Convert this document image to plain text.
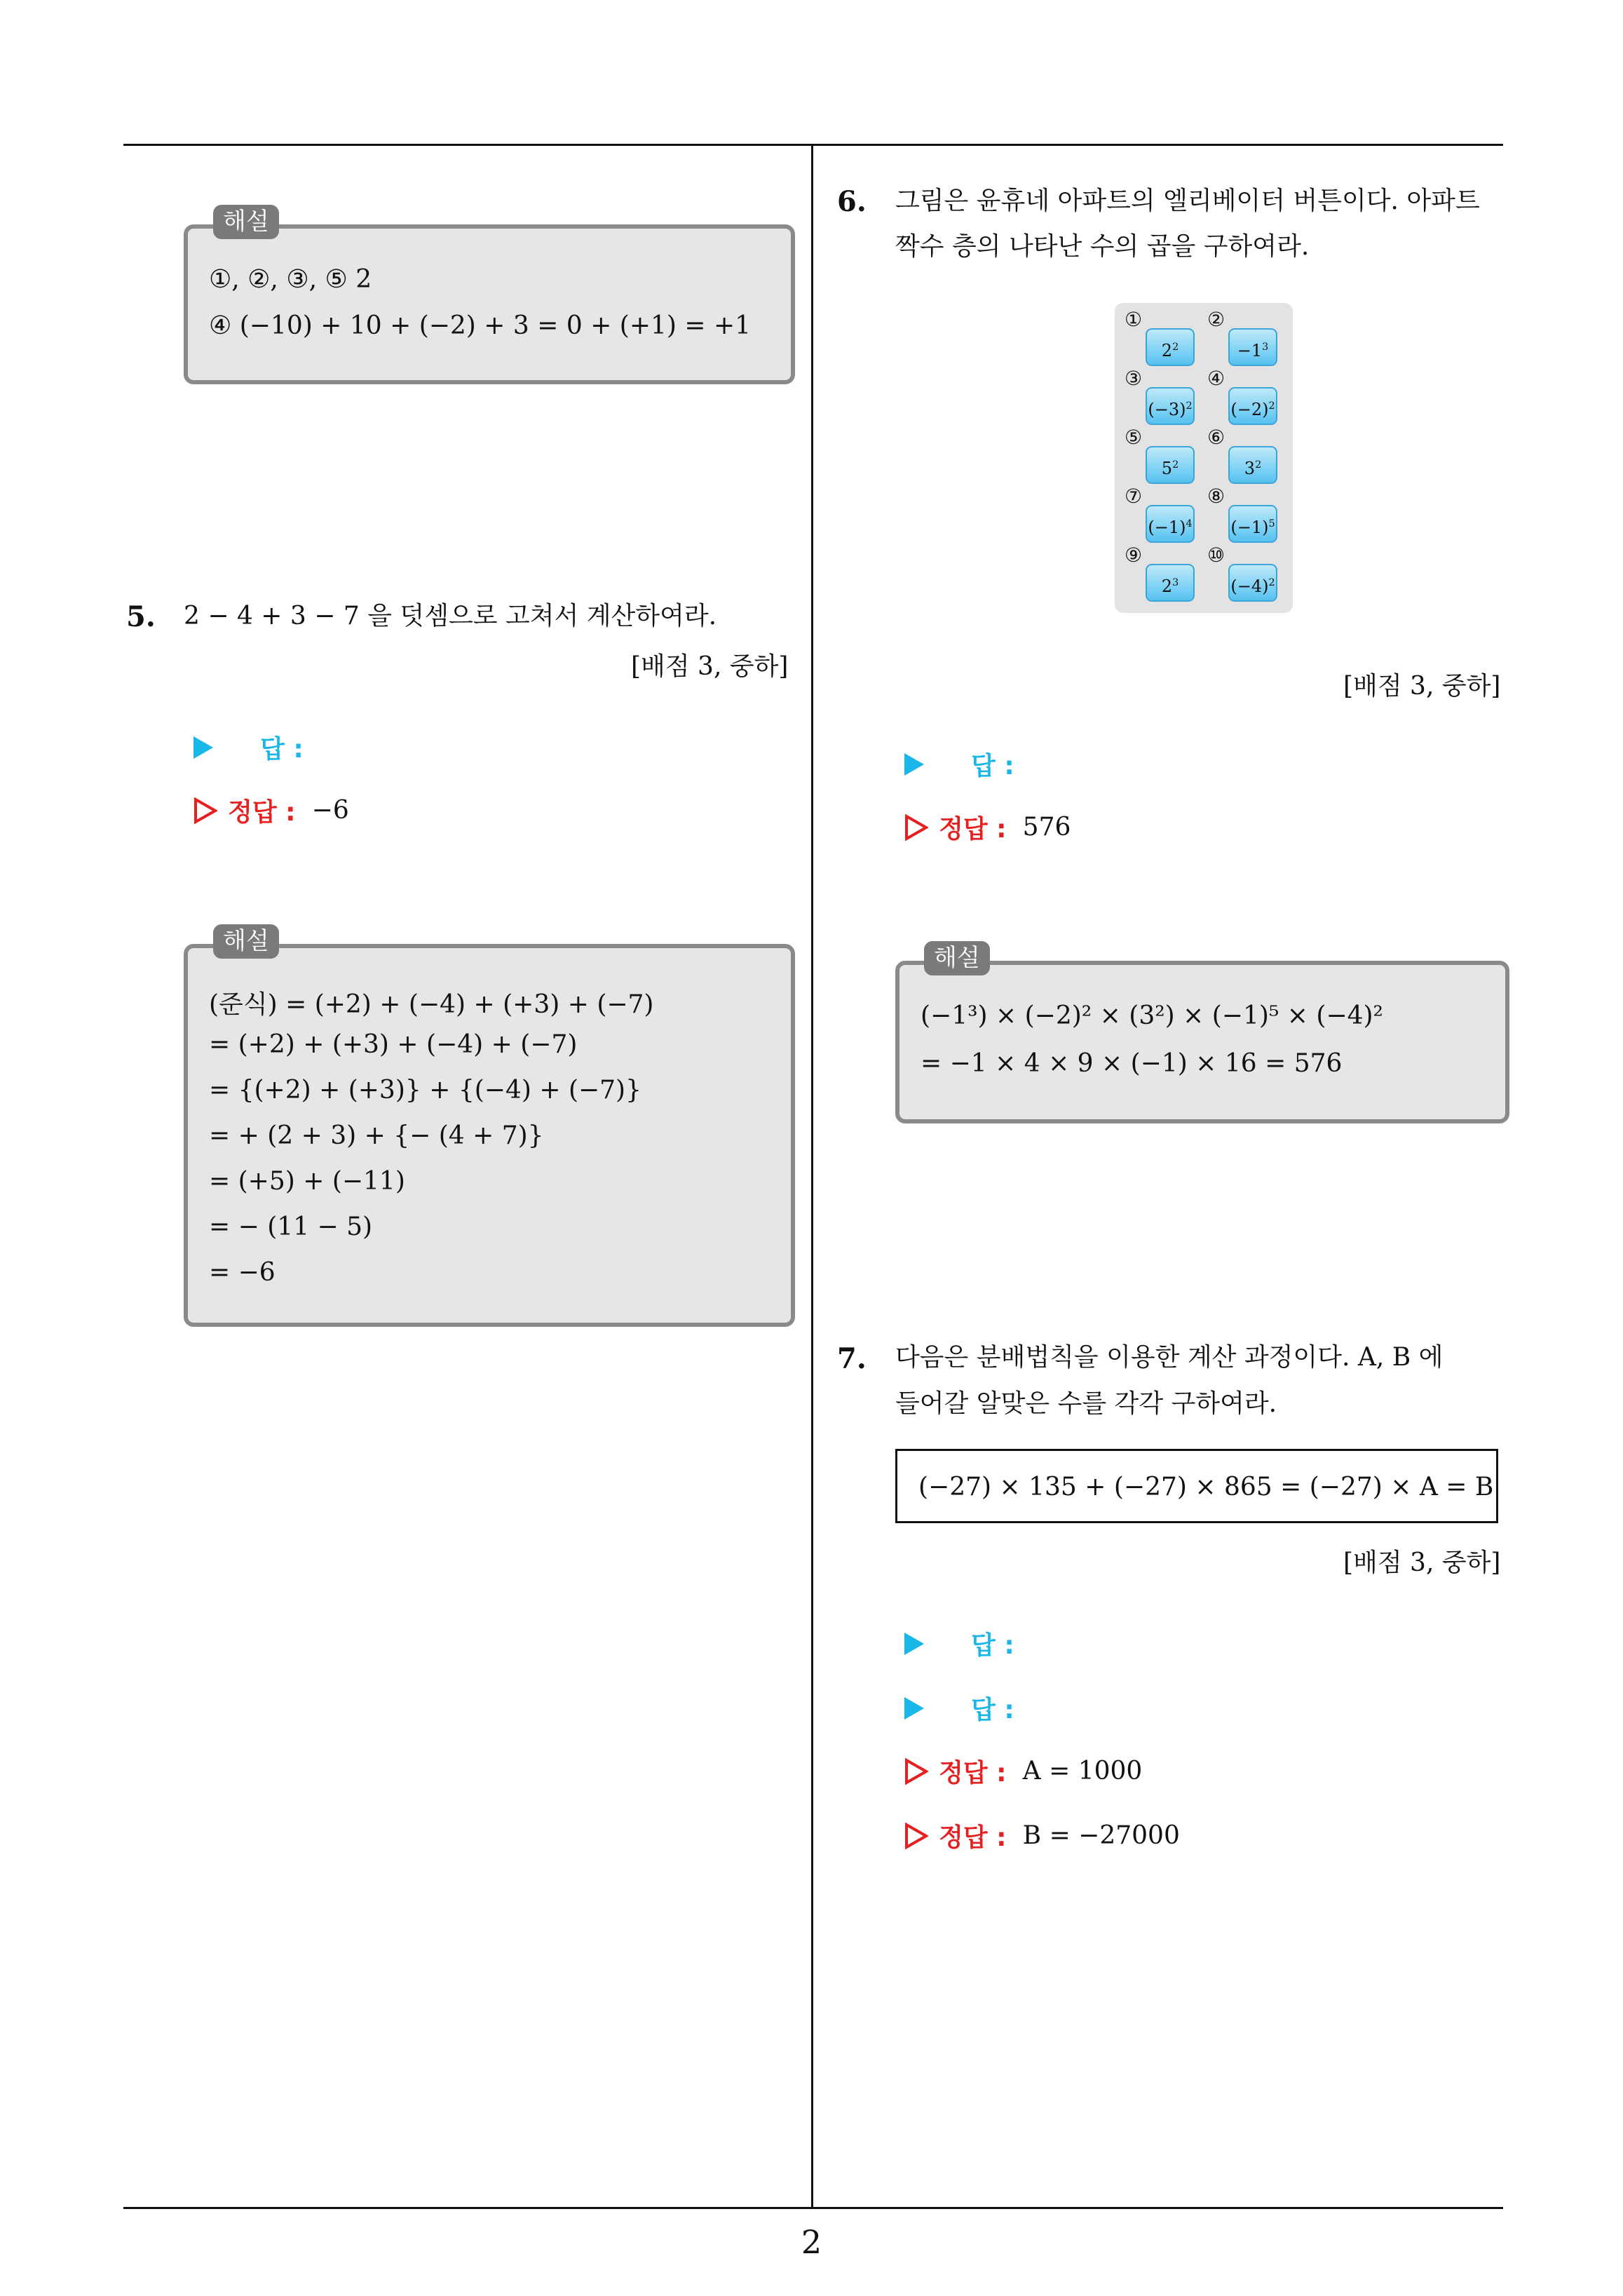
①, ②, ③, ⑤ 2
④ (−10) + 10 + (−2) + 3 = 0 + (+1) = +1
해설
5. 2 − 4 + 3 − 7 을 덧셈으로 고쳐서 계산하여라.
[배점 3, 중하]
답 :
정답 : −6
(준식) = (+2) + (−4) + (+3) + (−7)
= (+2) + (+3) + (−4) + (−7)
= {(+2) + (+3)} + {(−4) + (−7)}
= + (2 + 3) + {− (4 + 7)}
= (+5) + (−11)
= − (11 − 5)
= −6
해설
6. 그림은 윤휴네 아파트의 엘리베이터 버튼이다. 아파트
짝수 층의 나타난 수의 곱을 구하여라.
①
$2^2$
②
$-1^3$
③
$(-3)^2$
④
$(-2)^2$
⑤
$5^2$
⑥
$3^2$
⑦
$(-1)^4$
⑧
$(-1)^5$
⑨
$2^3$
⑩
$(-4)^2$
[배점 3, 중하]
답 :
정답 : 576
(−1³) × (−2)² × (3²) × (−1)⁵ × (−4)²
= −1 × 4 × 9 × (−1) × 16 = 576
해설
7. 다음은 분배법칙을 이용한 계산 과정이다. A, B 에
들어갈 알맞은 수를 각각 구하여라.
(−27) × 135 + (−27) × 865 = (−27) × A = B
[배점 3, 중하]
답 :
답 :
정답 : A = 1000
정답 : B = −27000
2
